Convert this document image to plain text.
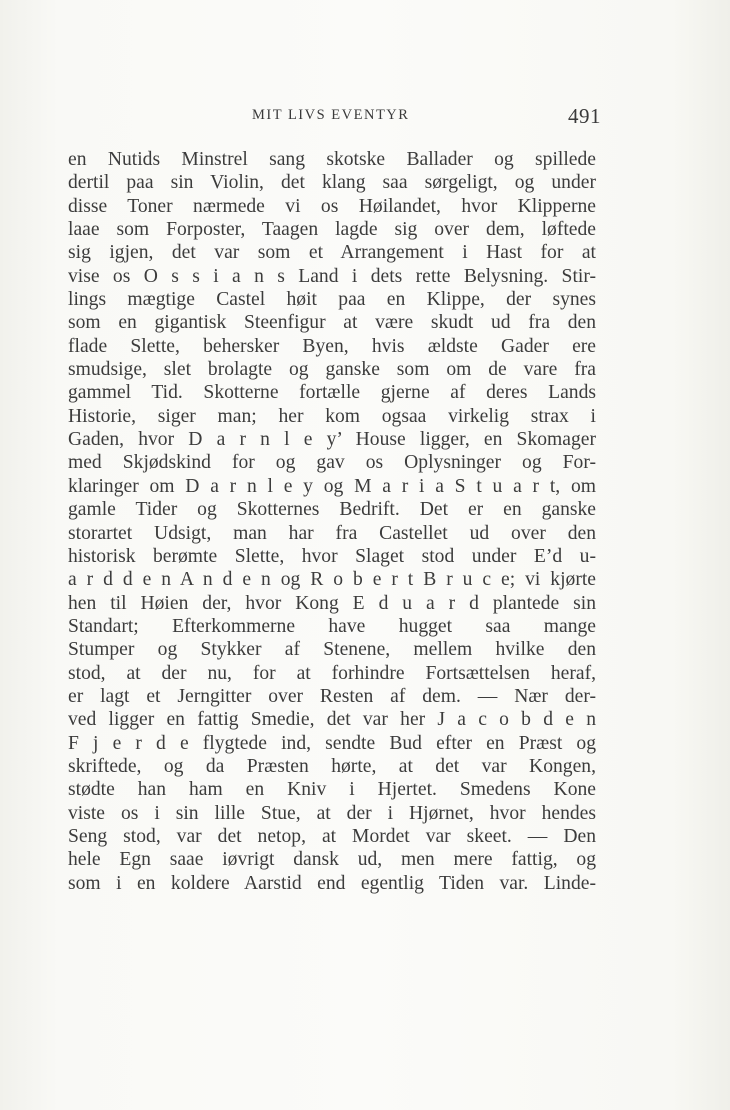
MIT LIVS EVENTYR	491
en Nutids Minstrel sang skotske Ballader og spillede
dertil paa sin Violin, det klang saa sørgeligt, og under
disse Toner nærmede vi os Høilandet, hvor Klipperne
laae som Forposter, Taagen lagde sig over dem, løftede
sig igjen, det var som et Arrangement i Hast for at
vise os O s s i a n s Land i dets rette Belysning. Stir-
lings mægtige Castel høit paa en Klippe, der synes
som en gigantisk Steenfigur at være skudt ud fra den
flade Slette, behersker Byen, hvis ældste Gader ere
smudsige, slet brolagte og ganske som om de vare fra
gammel Tid. Skotterne fortælle gjerne af deres Lands
Historie, siger man; her kom ogsaa virkelig strax i
Gaden, hvor D a r n l e y’ House ligger, en Skomager
med Skjødskind for og gav os Oplysninger og For-
klaringer om D a r n l e y og M a r i a S t u a r t, om
gamle Tider og Skotternes Bedrift. Det er en ganske
storartet Udsigt, man har fra Castellet ud over den
historisk berømte Slette, hvor Slaget stod under E’d u-
a r d d e n A n d e n og R o b e r t B r u c e; vi kjørte
hen til Høien der, hvor Kong E d u a r d plantede sin
Standart; Efterkommerne have hugget saa mange
Stumper og Stykker af Stenene, mellem hvilke den
stod, at der nu, for at forhindre Fortsættelsen heraf,
er lagt et Jerngitter over Resten af dem. — Nær der-
ved ligger en fattig Smedie, det var her J a c o b d e n
F j e r d e flygtede ind, sendte Bud efter en Præst og
skriftede, og da Præsten hørte, at det var Kongen,
stødte han ham en Kniv i Hjertet. Smedens Kone
viste os i sin lille Stue, at der i Hjørnet, hvor hendes
Seng stod, var det netop, at Mordet var skeet. — Den
hele Egn saae iøvrigt dansk ud, men mere fattig, og
som i en koldere Aarstid end egentlig Tiden var. Linde-
